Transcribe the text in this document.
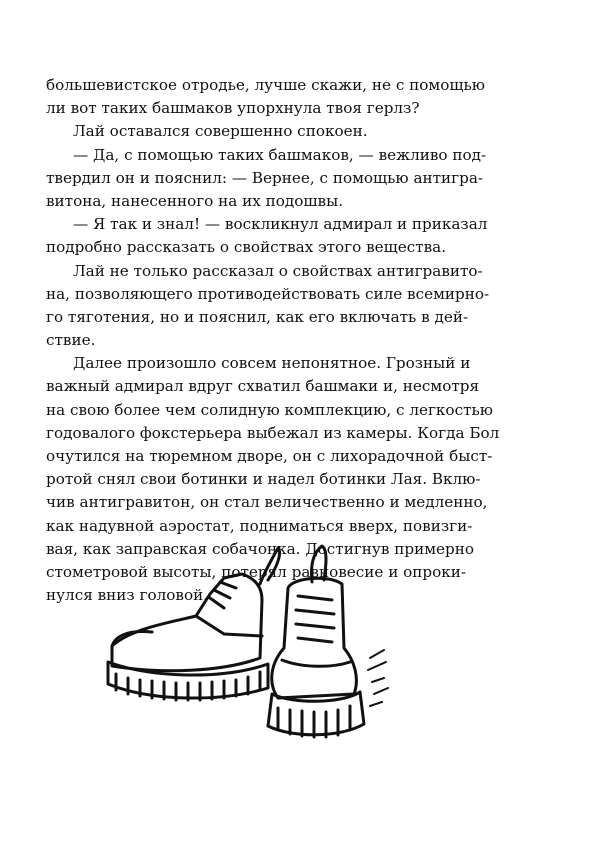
большевистское отродье, лучше скажи, не с помощью
ли вот таких башмаков упорхнула твоя герлз?
Лай оставался совершенно спокоен.
— Да, с помощью таких башмаков, — вежливо под-
твердил он и пояснил: — Вернее, с помощью антигра-
витона, нанесенного на их подошвы.
— Я так и знал! — воскликнул адмирал и приказал
подробно рассказать о свойствах этого вещества.
Лай не только рассказал о свойствах антигравито-
на, позволяющего противодействовать силе всемирно-
го тяготения, но и пояснил, как его включать в дей-
ствие.
Далее произошло совсем непонятное. Грозный и
важный адмирал вдруг схватил башмаки и, несмотря
на свою более чем солидную комплекцию, с легкостью
годовалого фокстерьера выбежал из камеры. Когда Бол
очутился на тюремном дворе, он с лихорадочной быст-
ротой снял свои ботинки и надел ботинки Лая. Вклю-
чив антигравитон, он стал величественно и медленно,
как надувной аэростат, подниматься вверх, повизги-
вая, как заправская собачонка. Достигнув примерно
стометровой высоты, потерял равновесие и опроки-
нулся вниз головой.
